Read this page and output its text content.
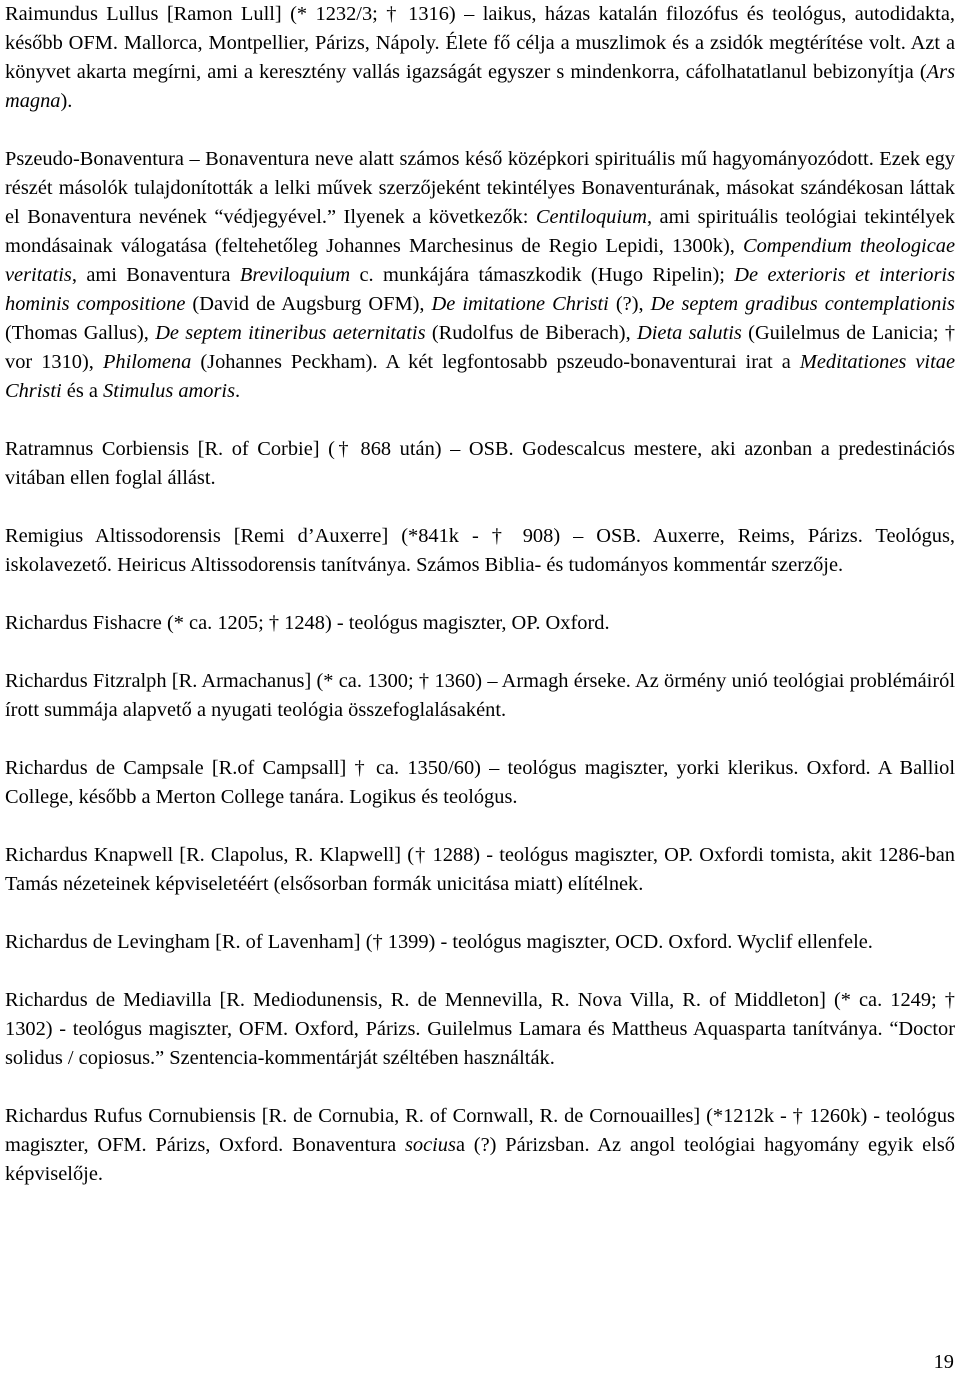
Raimundus Lullus [Ramon Lull] (* 1232/3; † 1316) – laikus, házas katalán filozófus és teológus, autodidakta, később OFM. Mallorca, Montpellier, Párizs, Nápoly. Élete fő célja a muszlimok és a zsidók megtérítése volt. Azt a könyvet akarta megírni, ami a keresztény vallás igazságát egyszer s mindenkorra, cáfolhatatlanul bebizonyítja (Ars magna).

Pszeudo-Bonaventura – Bonaventura neve alatt számos késő középkori spirituális mű hagyományozódott. Ezek egy részét másolók tulajdonították a lelki művek szerzőjeként tekintélyes Bonaventurának, másokat szándékosan láttak el Bonaventura nevének “védjegyével.” Ilyenek a következők: Centiloquium, ami spirituális teológiai tekintélyek mondásainak válogatása (feltehetőleg Johannes Marchesinus de Regio Lepidi, 1300k), Compendium theologicae veritatis, ami Bonaventura Breviloquium c. munkájára támaszkodik (Hugo Ripelin); De exterioris et interioris hominis compositione (David de Augsburg OFM), De imitatione Christi (?), De septem gradibus contemplationis (Thomas Gallus), De septem itineribus aeternitatis (Rudolfus de Biberach), Dieta salutis (Guilelmus de Lanicia; † vor 1310), Philomena (Johannes Peckham). A két legfontosabb pszeudo-bonaventurai irat a Meditationes vitae Christi és a Stimulus amoris.

Ratramnus Corbiensis [R. of Corbie] († 868 után) – OSB. Godescalcus mestere, aki azonban a predestinációs vitában ellen foglal állást.

Remigius Altissodorensis [Remi d’Auxerre] (*841k - † 908) – OSB. Auxerre, Reims, Párizs. Teológus, iskolavezető. Heiricus Altissodorensis tanítványa. Számos Biblia- és tudományos kommentár szerzője.

Richardus Fishacre (* ca. 1205; † 1248) - teológus magiszter, OP. Oxford.

Richardus Fitzralph [R. Armachanus] (* ca. 1300; † 1360) – Armagh érseke. Az örmény unió teológiai problémáiról írott summája alapvető a nyugati teológia összefoglalásaként.

Richardus de Campsale [R.of Campsall] † ca. 1350/60) – teológus magiszter, yorki klerikus. Oxford. A Balliol College, később a Merton College tanára. Logikus és teológus.

Richardus Knapwell [R. Clapolus, R. Klapwell] († 1288) - teológus magiszter, OP. Oxfordi tomista, akit 1286-ban Tamás nézeteinek képviseletéért (elsősorban formák unicitása miatt) elítélnek.

Richardus de Levingham [R. of Lavenham] († 1399) - teológus magiszter, OCD. Oxford. Wyclif ellenfele.

Richardus de Mediavilla [R. Mediodunensis, R. de Mennevilla, R. Nova Villa, R. of Middleton] (* ca. 1249; † 1302) - teológus magiszter, OFM. Oxford, Párizs. Guilelmus Lamara és Mattheus Aquasparta tanítványa. “Doctor solidus / copiosus.” Szentencia-kommentárját széltében használták.

Richardus Rufus Cornubiensis [R. de Cornubia, R. of Cornwall, R. de Cornouailles] (*1212k - † 1260k) - teológus magiszter, OFM. Párizs, Oxford. Bonaventura sociusa (?) Párizsban. Az angol teológiai hagyomány egyik első képviselője.

19
